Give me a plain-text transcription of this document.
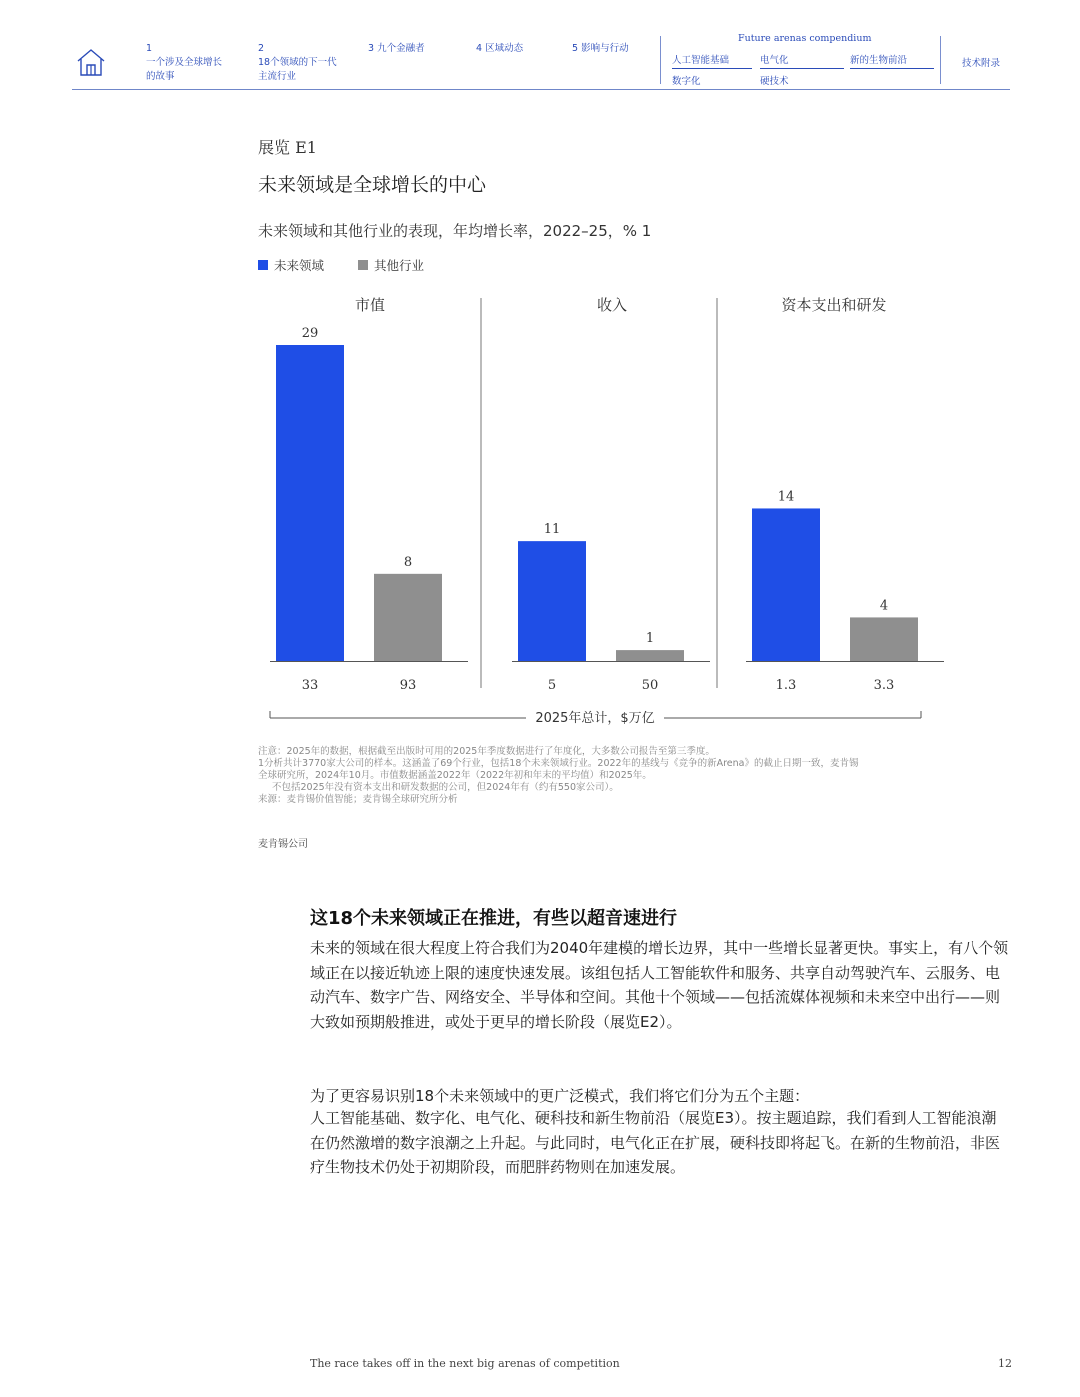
1
一个涉及全球增长的故事
2
18个领域的下一代主流行业
3 九个金融者	4 区域动态	5 影响与行动
Future arenas compendium
人工智能基础	电气化	新的生物前沿
数字化	硬技术
技术附录
展览 E1
未来领域是全球增长的中心
未来领域和其他行业的表现，年均增长率，2022–25，% 1
未来领域	其他行业
市值
29
33
8
93
收入
11
5
1
50
资本支出和研发
14
1.3
4
3.3
2025年总计，$万亿
注意：2025年的数据，根据截至出版时可用的2025年季度数据进行了年度化，大多数公司报告至第三季度。
1分析共计3770家大公司的样本。这涵盖了69个行业，包括18个未来领域行业。2022年的基线与《竞争的新Arena》的截止日期一致，麦肯锡
全球研究所，2024年10月。市值数据涵盖2022年（2022年初和年末的平均值）和2025年。
不包括2025年没有资本支出和研发数据的公司，但2024年有（约有550家公司）。
来源：麦肯锡价值智能；麦肯锡全球研究所分析
麦肯锡公司
这18个未来领域正在推进，有些以超音速进行
未来的领域在很大程度上符合我们为2040年建模的增长边界，其中一些增长显著更快。事实上，有八个领域正在以接近轨迹上限的速度快速发展。该组包括人工智能软件和服务、共享自动驾驶汽车、云服务、电动汽车、数字广告、网络安全、半导体和空间。其他十个领域——包括流媒体视频和未来空中出行——则大致如预期般推进，或处于更早的增长阶段（展览E2）。
为了更容易识别18个未来领域中的更广泛模式，我们将它们分为五个主题：
人工智能基础、数字化、电气化、硬科技和新生物前沿（展览E3）。按主题追踪，我们看到人工智能浪潮在仍然激增的数字浪潮之上升起。与此同时，电气化正在扩展，硬科技即将起飞。在新的生物前沿，非医疗生物技术仍处于初期阶段，而肥胖药物则在加速发展。
The race takes off in the next big arenas of competition	12
